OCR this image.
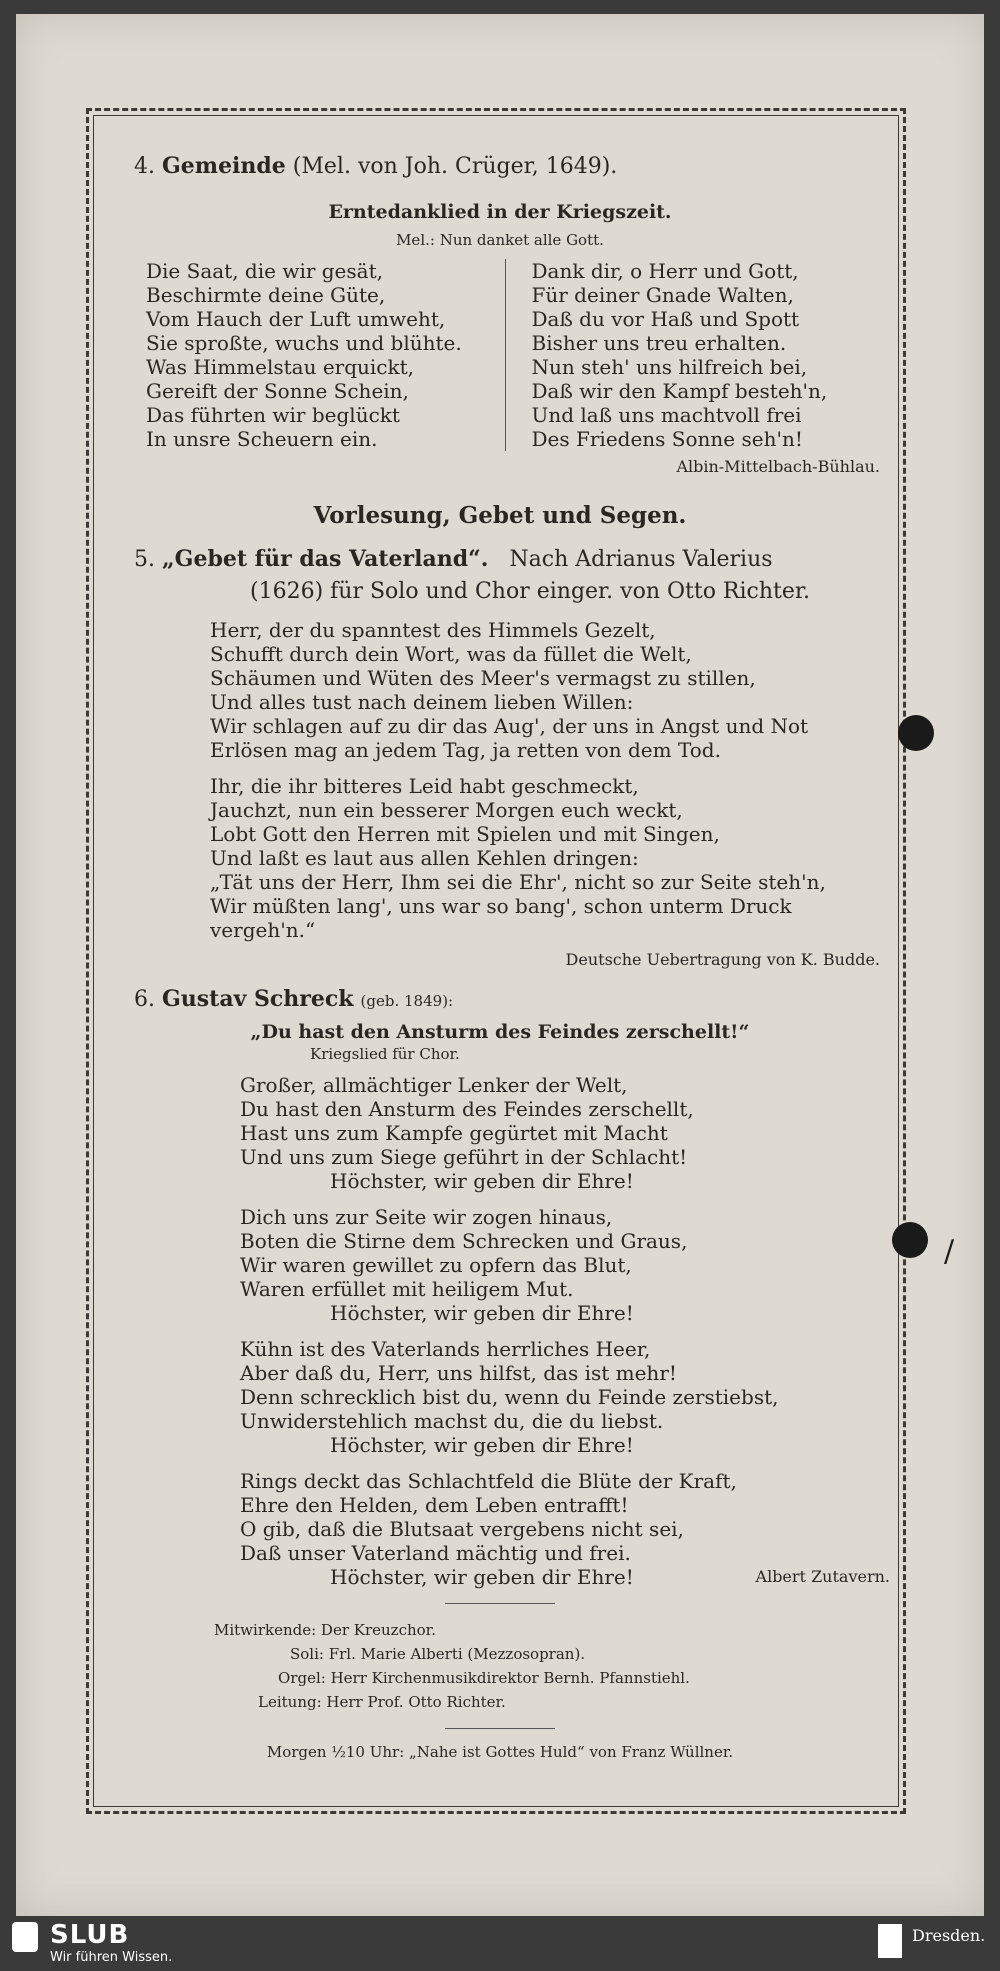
/
4. Gemeinde (Mel. von Joh. Crüger, 1649).
Erntedanklied in der Kriegszeit.
Mel.: Nun danket alle Gott.
Die Saat, die wir gesät,
Beschirmte deine Güte,
Vom Hauch der Luft umweht,
Sie sproßte, wuchs und blühte.
Was Himmelstau erquickt,
Gereift der Sonne Schein,
Das führten wir beglückt
In unsre Scheuern ein.
Dank dir, o Herr und Gott,
Für deiner Gnade Walten,
Daß du vor Haß und Spott
Bisher uns treu erhalten.
Nun steh' uns hilfreich bei,
Daß wir den Kampf besteh'n,
Und laß uns machtvoll frei
Des Friedens Sonne seh'n!
Albin-Mittelbach-Bühlau.
Vorlesung, Gebet und Segen.
5. „Gebet für das Vaterland“. Nach Adrianus Valerius
(1626) für Solo und Chor einger. von Otto Richter.
Herr, der du spanntest des Himmels Gezelt,
Schufft durch dein Wort, was da füllet die Welt,
Schäumen und Wüten des Meer's vermagst zu stillen,
Und alles tust nach deinem lieben Willen:
Wir schlagen auf zu dir das Aug', der uns in Angst und Not
Erlösen mag an jedem Tag, ja retten von dem Tod.
Ihr, die ihr bitteres Leid habt geschmeckt,
Jauchzt, nun ein besserer Morgen euch weckt,
Lobt Gott den Herren mit Spielen und mit Singen,
Und laßt es laut aus allen Kehlen dringen:
„Tät uns der Herr, Ihm sei die Ehr', nicht so zur Seite steh'n,
Wir müßten lang', uns war so bang', schon unterm Druck vergeh'n.“
Deutsche Uebertragung von K. Budde.
6. Gustav Schreck (geb. 1849):
„Du hast den Ansturm des Feindes zerschellt!“
Kriegslied für Chor.
Großer, allmächtiger Lenker der Welt,
Du hast den Ansturm des Feindes zerschellt,
Hast uns zum Kampfe gegürtet mit Macht
Und uns zum Siege geführt in der Schlacht!
Höchster, wir geben dir Ehre!
Dich uns zur Seite wir zogen hinaus,
Boten die Stirne dem Schrecken und Graus,
Wir waren gewillet zu opfern das Blut,
Waren erfüllet mit heiligem Mut.
Höchster, wir geben dir Ehre!
Kühn ist des Vaterlands herrliches Heer,
Aber daß du, Herr, uns hilfst, das ist mehr!
Denn schrecklich bist du, wenn du Feinde zerstiebst,
Unwiderstehlich machst du, die du liebst.
Höchster, wir geben dir Ehre!
Rings deckt das Schlachtfeld die Blüte der Kraft,
Ehre den Helden, dem Leben entrafft!
O gib, daß die Blutsaat vergebens nicht sei,
Daß unser Vaterland mächtig und frei.
Höchster, wir geben dir Ehre!	Albert Zutavern.
Mitwirkende: Der Kreuzchor.
Soli: Frl. Marie Alberti (Mezzosopran).
Orgel: Herr Kirchenmusikdirektor Bernh. Pfannstiehl.
Leitung: Herr Prof. Otto Richter.
Morgen ½10 Uhr: „Nahe ist Gottes Huld“ von Franz Wüllner.
SLUB
Wir führen Wissen.
Dresden.
